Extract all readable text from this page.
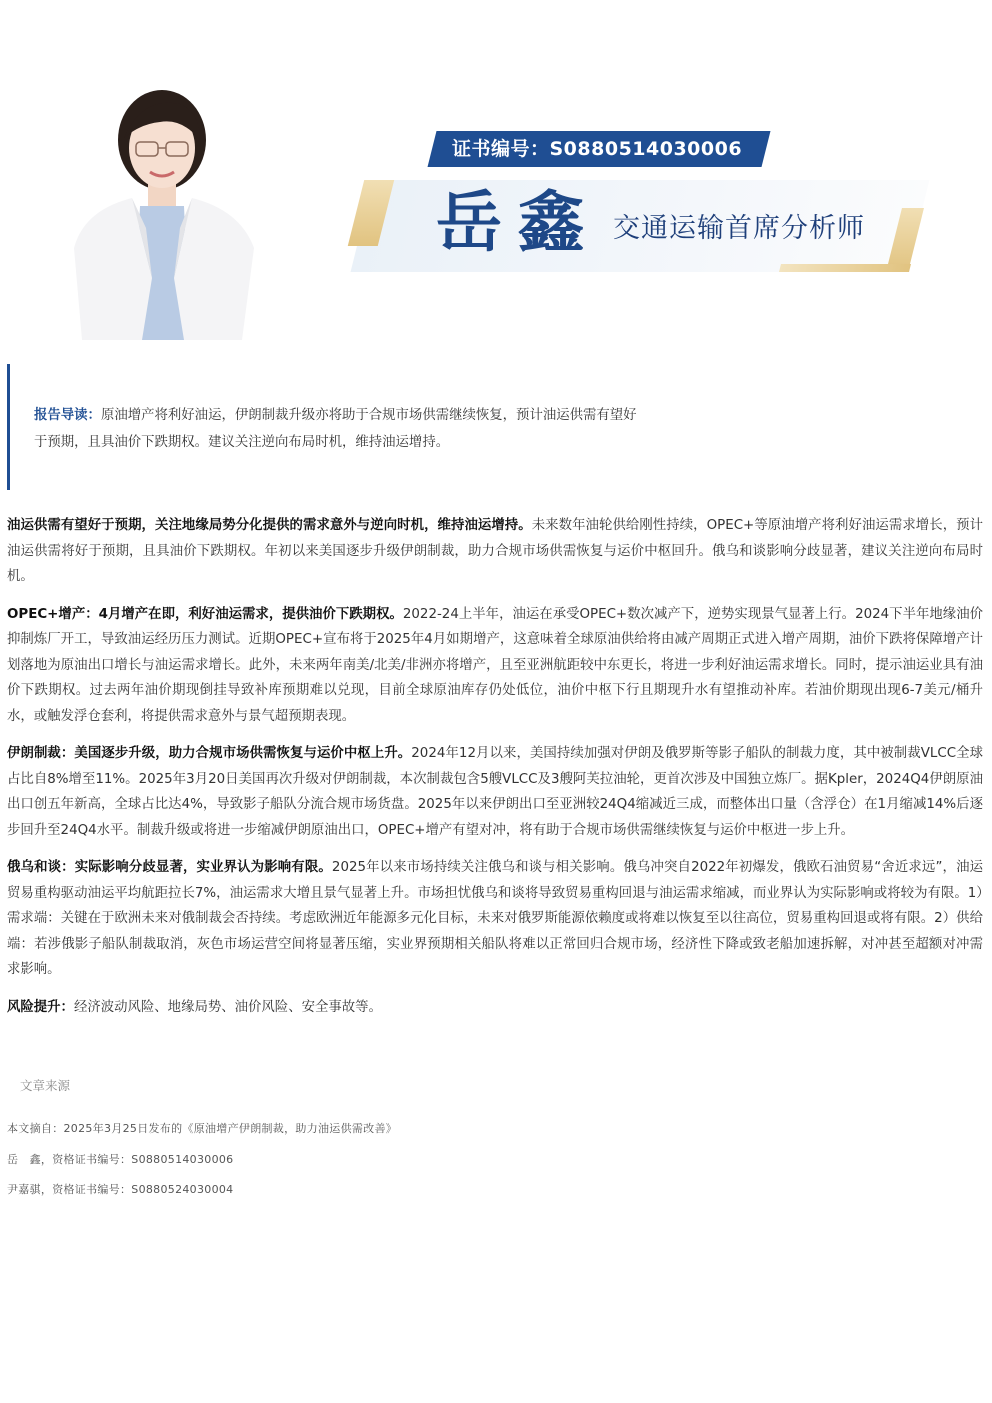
证书编号：S0880514030006
岳鑫 交通运输首席分析师
报告导读：原油增产将利好油运，伊朗制裁升级亦将助于合规市场供需继续恢复，预计油运供需有望好于预期，且具油价下跌期权。建议关注逆向布局时机，维持油运增持。

油运供需有望好于预期，关注地缘局势分化提供的需求意外与逆向时机，维持油运增持。未来数年油轮供给刚性持续，OPEC+等原油增产将利好油运需求增长，预计油运供需将好于预期，且具油价下跌期权。年初以来美国逐步升级伊朗制裁，助力合规市场供需恢复与运价中枢回升。俄乌和谈影响分歧显著，建议关注逆向布局时机。

OPEC+增产：4月增产在即，利好油运需求，提供油价下跌期权。2022-24上半年，油运在承受OPEC+数次减产下，逆势实现景气显著上行。2024下半年地缘油价抑制炼厂开工，导致油运经历压力测试。近期OPEC+宣布将于2025年4月如期增产，这意味着全球原油供给将由减产周期正式进入增产周期，油价下跌将保障增产计划落地为原油出口增长与油运需求增长。此外，未来两年南美/北美/非洲亦将增产，且至亚洲航距较中东更长，将进一步利好油运需求增长。同时，提示油运业具有油价下跌期权。过去两年油价期现倒挂导致补库预期难以兑现，目前全球原油库存仍处低位，油价中枢下行且期现升水有望推动补库。若油价期现出现6-7美元/桶升水，或触发浮仓套利，将提供需求意外与景气超预期表现。

伊朗制裁：美国逐步升级，助力合规市场供需恢复与运价中枢上升。2024年12月以来，美国持续加强对伊朗及俄罗斯等影子船队的制裁力度，其中被制裁VLCC全球占比自8%增至11%。2025年3月20日美国再次升级对伊朗制裁，本次制裁包含5艘VLCC及3艘阿芙拉油轮，更首次涉及中国独立炼厂。据Kpler，2024Q4伊朗原油出口创五年新高，全球占比达4%，导致影子船队分流合规市场货盘。2025年以来伊朗出口至亚洲较24Q4缩减近三成，而整体出口量（含浮仓）在1月缩减14%后逐步回升至24Q4水平。制裁升级或将进一步缩减伊朗原油出口，OPEC+增产有望对冲，将有助于合规市场供需继续恢复与运价中枢进一步上升。

俄乌和谈：实际影响分歧显著，实业界认为影响有限。2025年以来市场持续关注俄乌和谈与相关影响。俄乌冲突自2022年初爆发，俄欧石油贸易“舍近求远”，油运贸易重构驱动油运平均航距拉长7%，油运需求大增且景气显著上升。市场担忧俄乌和谈将导致贸易重构回退与油运需求缩减，而业界认为实际影响或将较为有限。1）需求端：关键在于欧洲未来对俄制裁会否持续。考虑欧洲近年能源多元化目标，未来对俄罗斯能源依赖度或将难以恢复至以往高位，贸易重构回退或将有限。2）供给端：若涉俄影子船队制裁取消，灰色市场运营空间将显著压缩，实业界预期相关船队将难以正常回归合规市场，经济性下降或致老船加速拆解，对冲甚至超额对冲需求影响。

风险提升：经济波动风险、地缘局势、油价风险、安全事故等。

文章来源
本文摘自：2025年3月25日发布的《原油增产伊朗制裁，助力油运供需改善》
岳　鑫，资格证书编号：S0880514030006
尹嘉骐，资格证书编号：S0880524030004
